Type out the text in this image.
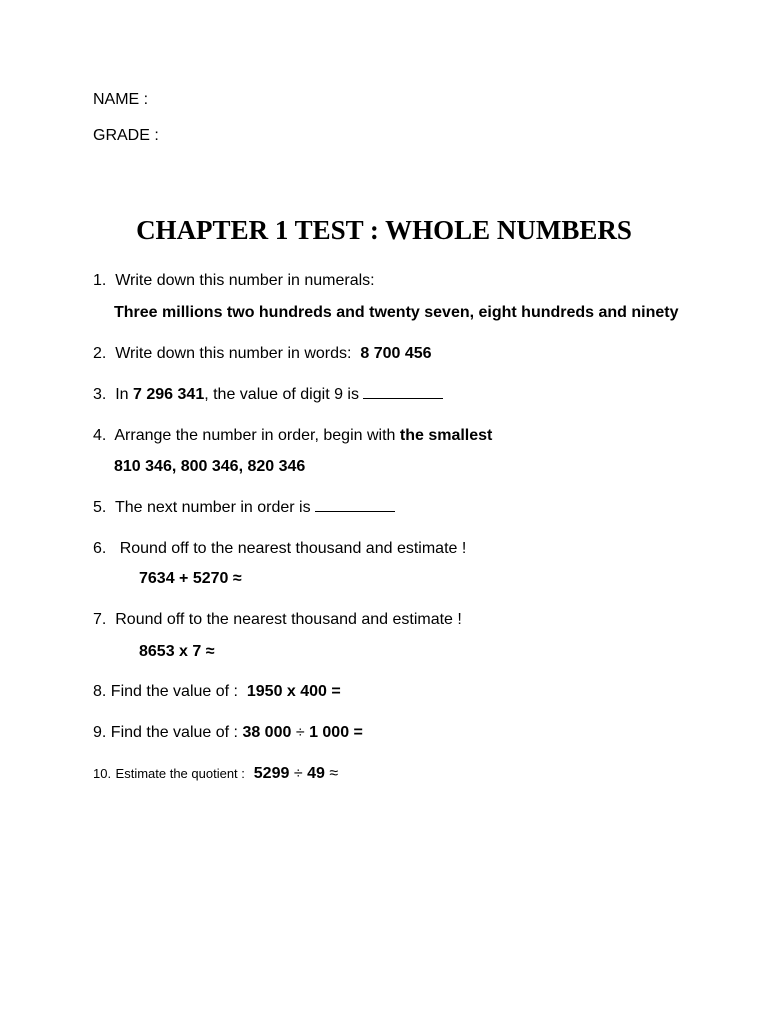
NAME :
GRADE :
CHAPTER 1 TEST : WHOLE NUMBERS
1. Write down this number in numerals:
Three millions two hundreds and twenty seven, eight hundreds and ninety
2. Write down this number in words: 8 700 456
3. In 7 296 341, the value of digit 9 is
4. Arrange the number in order, begin with the smallest
810 346, 800 346, 820 346
5. The next number in order is
6. Round off to the nearest thousand and estimate !
7634 + 5270 ≈
7. Round off to the nearest thousand and estimate !
8653 x 7 ≈
8. Find the value of : 1950 x 400 =
9. Find the value of : 38 000 ÷ 1 000 =
10. Estimate the quotient : 5299 ÷ 49 ≈
